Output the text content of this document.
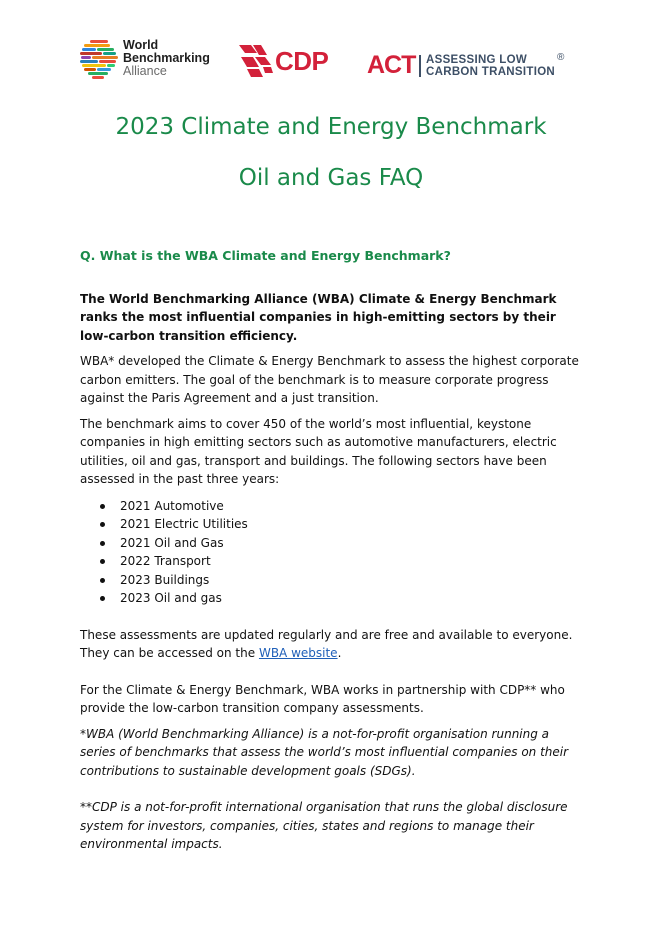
World
Benchmarking
Alliance	CDP ACT ASSESSING LOW
CARBON TRANSITION
®
2023 Climate and Energy Benchmark
Oil and Gas FAQ

Q. What is the WBA Climate and Energy Benchmark?

The World Benchmarking Alliance (WBA) Climate & Energy Benchmark ranks the most influential companies in high-emitting sectors by their low-carbon transition efficiency.

WBA* developed the Climate & Energy Benchmark to assess the highest corporate carbon emitters. The goal of the benchmark is to measure corporate progress against the Paris Agreement and a just transition.

The benchmark aims to cover 450 of the world’s most influential, keystone companies in high emitting sectors such as automotive manufacturers, electric utilities, oil and gas, transport and buildings. The following sectors have been assessed in the past three years:

2021 Automotive
2021 Electric Utilities
2021 Oil and Gas
2022 Transport
2023 Buildings
2023 Oil and gas

These assessments are updated regularly and are free and available to everyone. They can be accessed on the WBA website.

For the Climate & Energy Benchmark, WBA works in partnership with CDP** who provide the low-carbon transition company assessments.

*WBA (World Benchmarking Alliance) is a not-for-profit organisation running a series of benchmarks that assess the world’s most influential companies on their contributions to sustainable development goals (SDGs).

**CDP is a not-for-profit international organisation that runs the global disclosure system for investors, companies, cities, states and regions to manage their environmental impacts.
